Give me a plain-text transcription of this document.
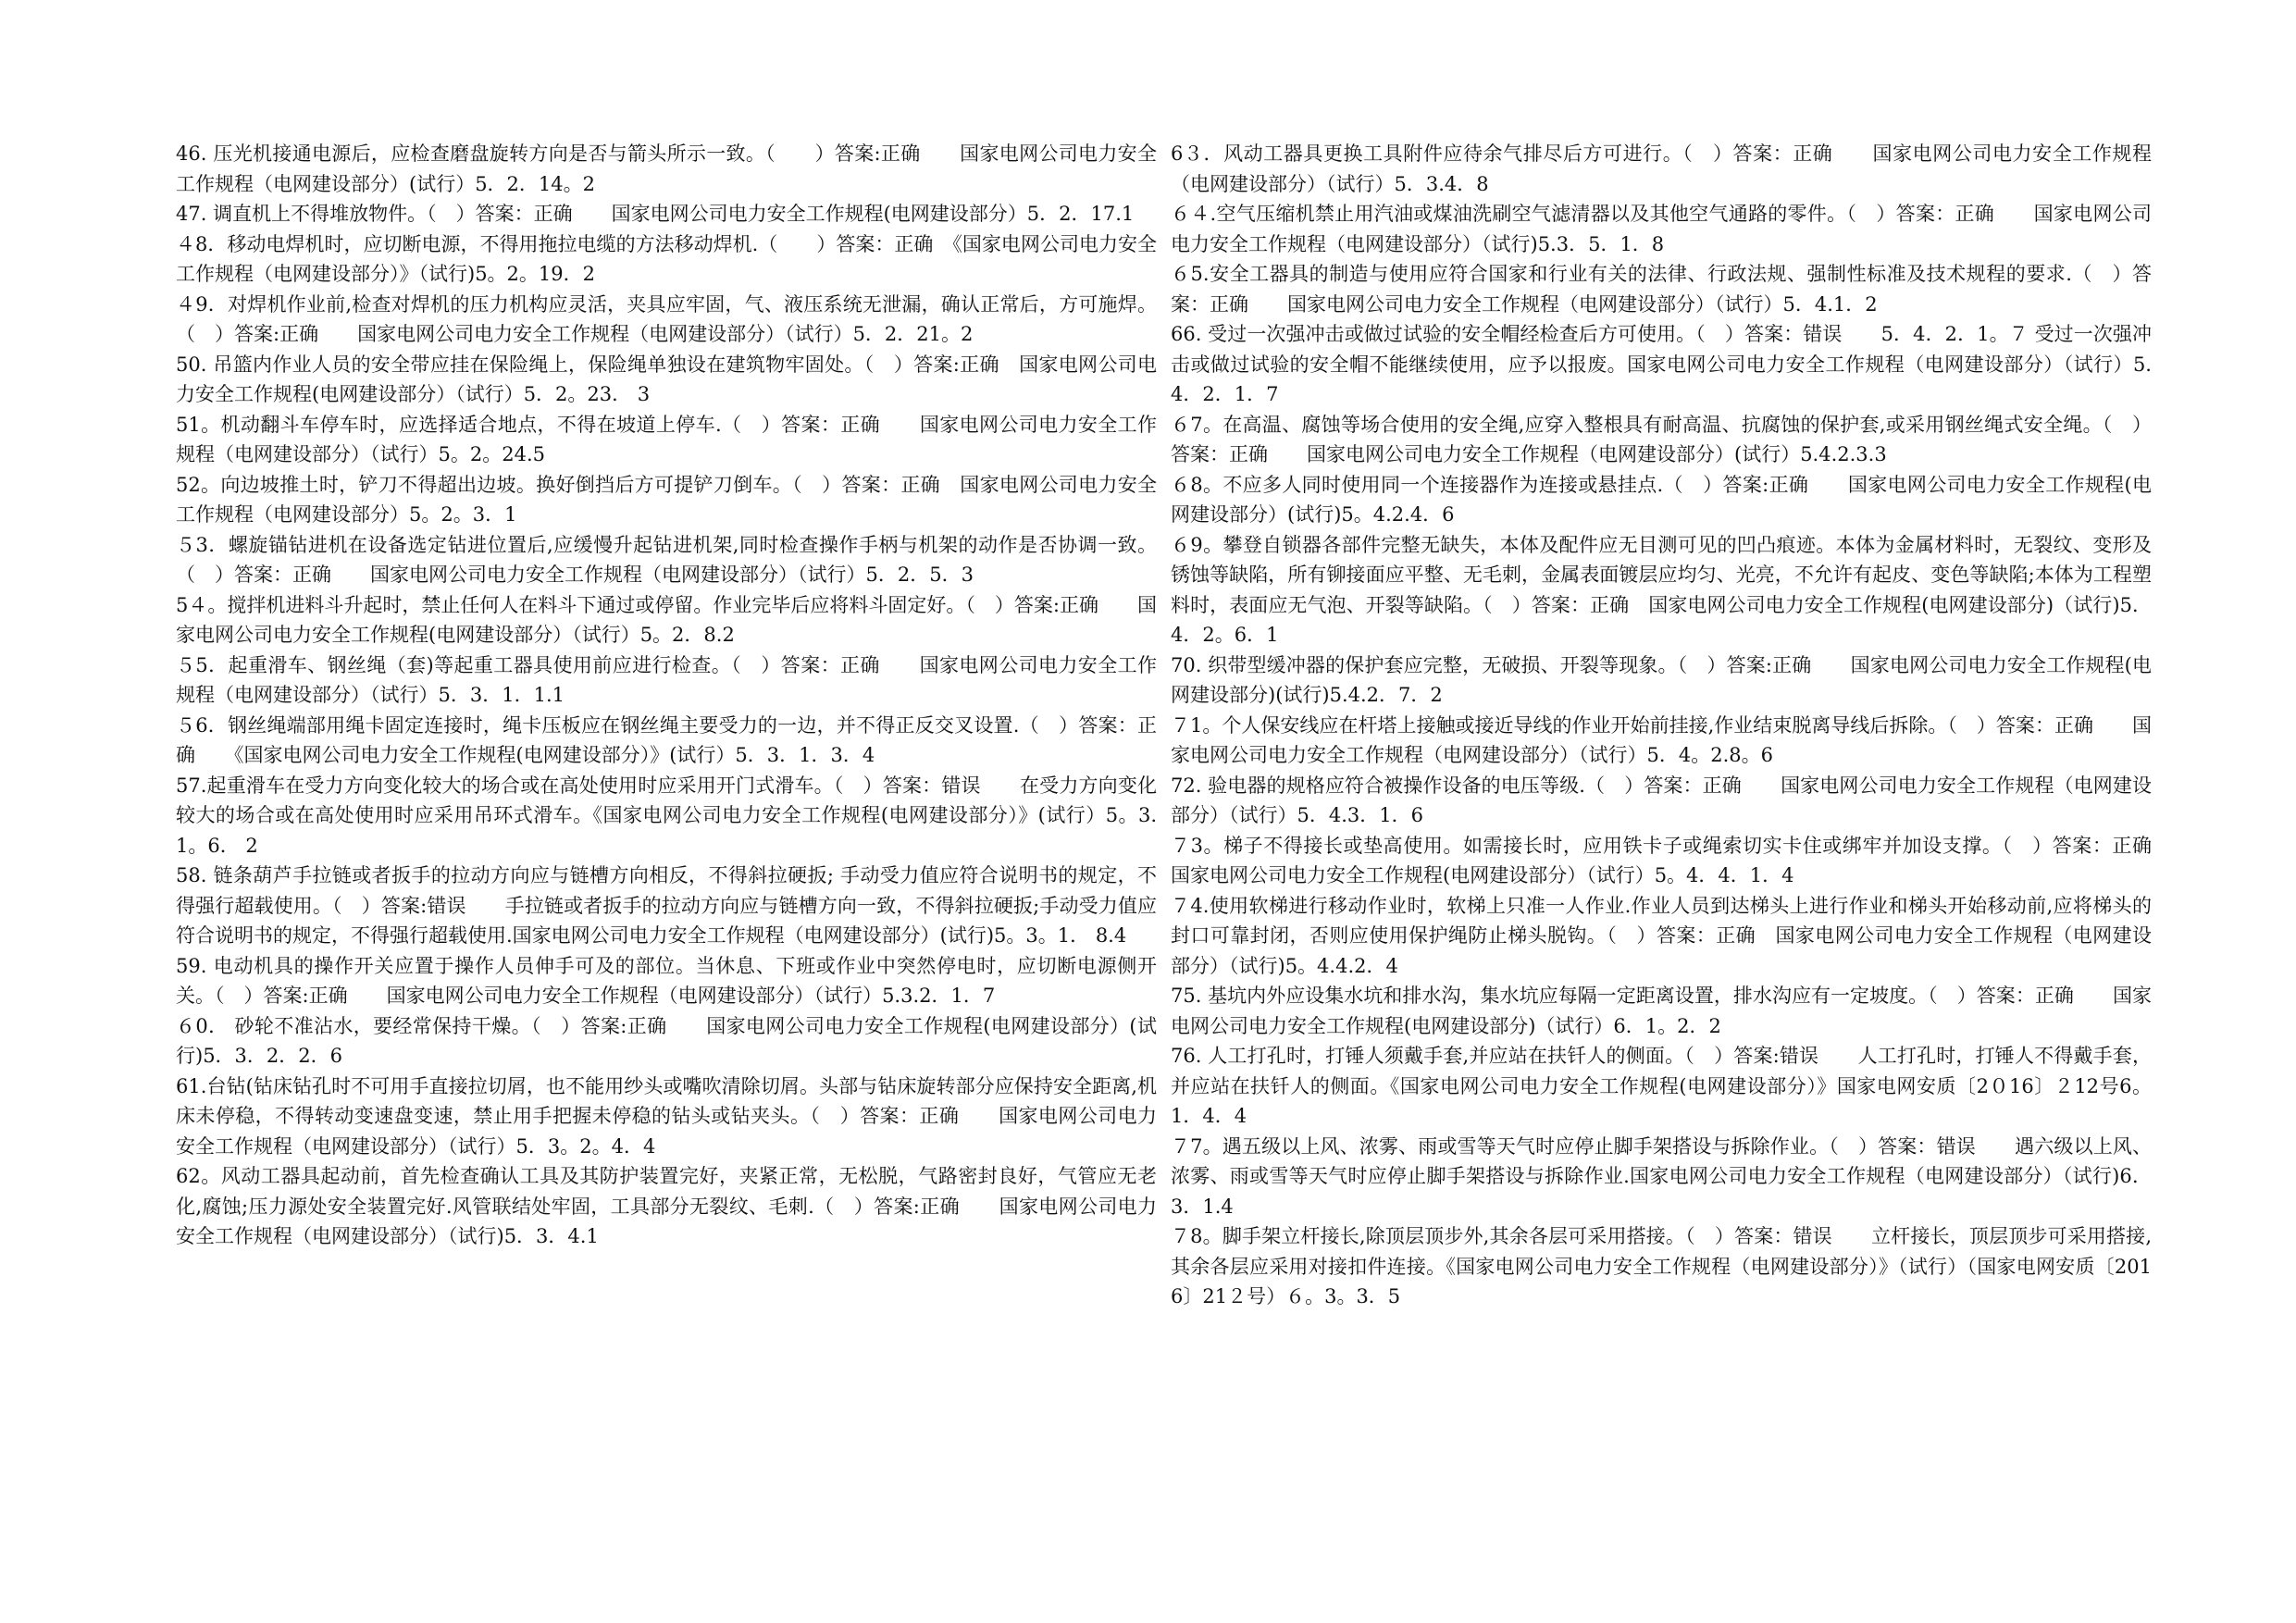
46. 压光机接通电源后，应检查磨盘旋转方向是否与箭头所示一致。（　　）答案:正确　　国家电网公司电力安全工作规程（电网建设部分）(试行）5．2．14。2

47. 调直机上不得堆放物件。（　）答案：正确　　国家电网公司电力安全工作规程(电网建设部分）5．2．17.1

４8．移动电焊机时，应切断电源，不得用拖拉电缆的方法移动焊机.（　　）答案：正确　《国家电网公司电力安全工作规程（电网建设部分）》（试行)5。2。19．2

４9．对焊机作业前,检查对焊机的压力机构应灵活，夹具应牢固，气、液压系统无泄漏，确认正常后，方可施焊。（　）答案:正确　　国家电网公司电力安全工作规程（电网建设部分）（试行）5．2．21。2

50. 吊篮内作业人员的安全带应挂在保险绳上，保险绳单独设在建筑物牢固处。（　）答案:正确　国家电网公司电力安全工作规程(电网建设部分）（试行）5．2。23． 3

51。机动翻斗车停车时，应选择适合地点，不得在坡道上停车.（　）答案：正确　　国家电网公司电力安全工作规程（电网建设部分）（试行）5。2。24.5

52。向边坡推土时，铲刀不得超出边坡。换好倒挡后方可提铲刀倒车。（　）答案：正确　国家电网公司电力安全工作规程（电网建设部分）5。2。3．1

５3．螺旋锚钻进机在设备选定钻进位置后,应缓慢升起钻进机架,同时检查操作手柄与机架的动作是否协调一致。（　）答案：正确　　国家电网公司电力安全工作规程（电网建设部分）（试行）5．2．5．3

5４。搅拌机进料斗升起时，禁止任何人在料斗下通过或停留。作业完毕后应将料斗固定好。（　）答案:正确　　国家电网公司电力安全工作规程(电网建设部分）（试行）5。2．8.2

５5．起重滑车、钢丝绳（套)等起重工器具使用前应进行检查。（　）答案：正确　　国家电网公司电力安全工作规程（电网建设部分）（试行）5．3．1．1.1

５6．钢丝绳端部用绳卡固定连接时，绳卡压板应在钢丝绳主要受力的一边，并不得正反交叉设置.（　）答案：正确　　《国家电网公司电力安全工作规程(电网建设部分）》(试行）5．3．1．3．4

57.起重滑车在受力方向变化较大的场合或在高处使用时应采用开门式滑车。（　）答案：错误　　在受力方向变化较大的场合或在高处使用时应采用吊环式滑车。《国家电网公司电力安全工作规程(电网建设部分）》(试行）5。3.1。6． 2

58. 链条葫芦手拉链或者扳手的拉动方向应与链槽方向相反，不得斜拉硬扳; 手动受力值应符合说明书的规定，不得强行超载使用。（　）答案:错误　　手拉链或者扳手的拉动方向应与链槽方向一致，不得斜拉硬扳;手动受力值应符合说明书的规定，不得强行超载使用.国家电网公司电力安全工作规程（电网建设部分）(试行)5。3。1． 8.4

59. 电动机具的操作开关应置于操作人员伸手可及的部位。当休息、下班或作业中突然停电时，应切断电源侧开关。（　）答案:正确　　国家电网公司电力安全工作规程（电网建设部分）（试行）5.3.2．1．7

６0． 砂轮不准沾水，要经常保持干燥。（　）答案:正确　　国家电网公司电力安全工作规程(电网建设部分）(试行)5．3．2．2．6

61.台钻(钻床钻孔时不可用手直接拉切屑，也不能用纱头或嘴吹清除切屑。头部与钻床旋转部分应保持安全距离,机床未停稳，不得转动变速盘变速，禁止用手把握未停稳的钻头或钻夹头。（　）答案：正确　　国家电网公司电力安全工作规程（电网建设部分）（试行）5．3。2。4．4

62。风动工器具起动前，首先检查确认工具及其防护装置完好，夹紧正常，无松脱，气路密封良好，气管应无老化,腐蚀;压力源处安全装置完好.风管联结处牢固，工具部分无裂纹、毛刺.（　）答案:正确　　国家电网公司电力安全工作规程（电网建设部分）（试行)5．3．4.1

6３．风动工器具更换工具附件应待余气排尽后方可进行。（　）答案：正确　　国家电网公司电力安全工作规程（电网建设部分）（试行）5．3.4．8

６４.空气压缩机禁止用汽油或煤油洗刷空气滤清器以及其他空气通路的零件。（　）答案：正确　　国家电网公司电力安全工作规程（电网建设部分）（试行)5.3．5．1．8

６5.安全工器具的制造与使用应符合国家和行业有关的法律、行政法规、强制性标准及技术规程的要求.（　）答案：正确　　国家电网公司电力安全工作规程（电网建设部分）（试行）5．4.1．2

66. 受过一次强冲击或做过试验的安全帽经检查后方可使用。（　）答案：错误　　5．4．2．1。７ 受过一次强冲击或做过试验的安全帽不能继续使用，应予以报废。国家电网公司电力安全工作规程（电网建设部分）（试行）5.4．2．1．7

６7。在高温、腐蚀等场合使用的安全绳,应穿入整根具有耐高温、抗腐蚀的保护套,或采用钢丝绳式安全绳。（　）答案：正确　　国家电网公司电力安全工作规程（电网建设部分）(试行）5.4.2.3.3

６8。不应多人同时使用同一个连接器作为连接或悬挂点.（　）答案:正确　　国家电网公司电力安全工作规程(电网建设部分）(试行)5。4.2.4．6

６9。攀登自锁器各部件完整无缺失，本体及配件应无目测可见的凹凸痕迹。本体为金属材料时，无裂纹、变形及锈蚀等缺陷，所有铆接面应平整、无毛刺，金属表面镀层应均匀、光亮，不允许有起皮、变色等缺陷;本体为工程塑料时，表面应无气泡、开裂等缺陷。（　）答案：正确　国家电网公司电力安全工作规程(电网建设部分)（试行)5．4．2。6．1

70. 织带型缓冲器的保护套应完整，无破损、开裂等现象。（　）答案:正确　　国家电网公司电力安全工作规程(电网建设部分)(试行)5.4.2．7．2

７1。个人保安线应在杆塔上接触或接近导线的作业开始前挂接,作业结束脱离导线后拆除。（　）答案：正确　　国家电网公司电力安全工作规程（电网建设部分）（试行）5．4。2.8。6

72. 验电器的规格应符合被操作设备的电压等级.（　）答案：正确　　国家电网公司电力安全工作规程（电网建设部分）（试行）5．4.3．1．6

７3。梯子不得接长或垫高使用。如需接长时，应用铁卡子或绳索切实卡住或绑牢并加设支撑。（　）答案：正确　　国家电网公司电力安全工作规程(电网建设部分）（试行）5。4．4．1．4

７4.使用软梯进行移动作业时，软梯上只准一人作业.作业人员到达梯头上进行作业和梯头开始移动前,应将梯头的封口可靠封闭，否则应使用保护绳防止梯头脱钩。（　）答案：正确　国家电网公司电力安全工作规程（电网建设部分）（试行)5。4.4.2．4

75. 基坑内外应设集水坑和排水沟，集水坑应每隔一定距离设置，排水沟应有一定坡度。（　）答案：正确　　国家电网公司电力安全工作规程(电网建设部分)（试行）6．1。2．2

76. 人工打孔时，打锤人须戴手套,并应站在扶钎人的侧面。（　）答案:错误　　人工打孔时，打锤人不得戴手套，并应站在扶钎人的侧面。《国家电网公司电力安全工作规程(电网建设部分）》国家电网安质〔2０16〕２12号6。1．4．4

７7。遇五级以上风、浓雾、雨或雪等天气时应停止脚手架搭设与拆除作业。（　）答案：错误　　遇六级以上风、浓雾、雨或雪等天气时应停止脚手架搭设与拆除作业.国家电网公司电力安全工作规程（电网建设部分）（试行)6．3．1.4

７8。脚手架立杆接长,除顶层顶步外,其余各层可采用搭接。（　）答案：错误　　立杆接长，顶层顶步可采用搭接,其余各层应采用对接扣件连接。《国家电网公司电力安全工作规程（电网建设部分）》（试行）（国家电网安质〔2016〕21２号）６。3。3．5
